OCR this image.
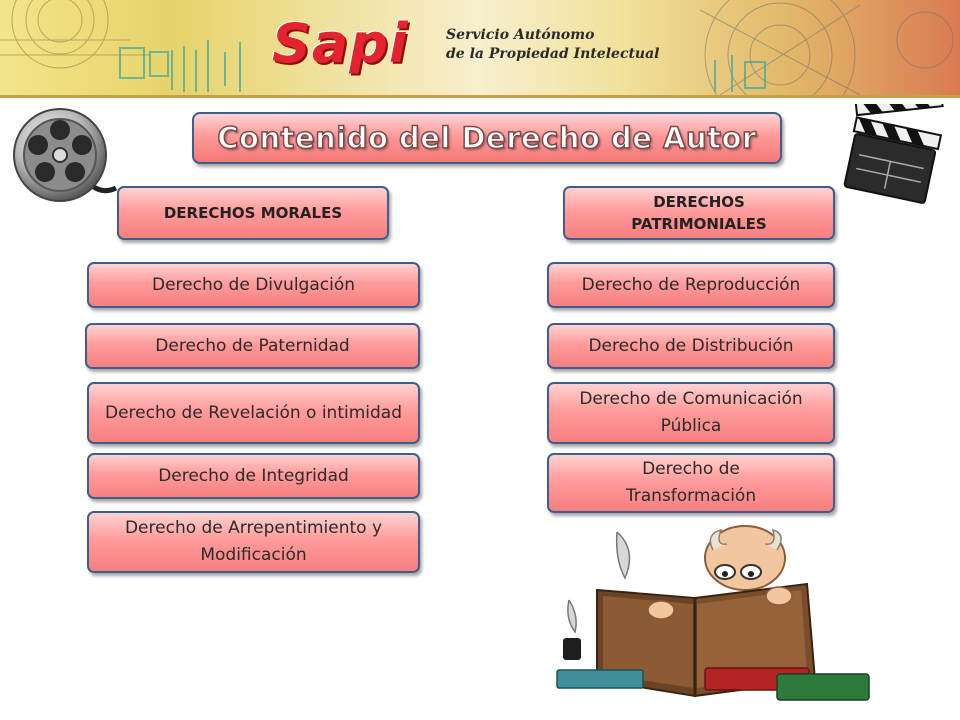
Sapi	Servicio Autónomo
de la Propiedad Intelectual
Contenido del Derecho de Autor
DERECHOS MORALES
Derecho de Divulgación
Derecho de Paternidad
Derecho de Revelación o intimidad
Derecho de Integridad
Derecho de Arrepentimiento y Modificación
DERECHOS PATRIMONIALES
Derecho de Reproducción
Derecho de Distribución
Derecho de Comunicación Pública
Derecho de Transformación
